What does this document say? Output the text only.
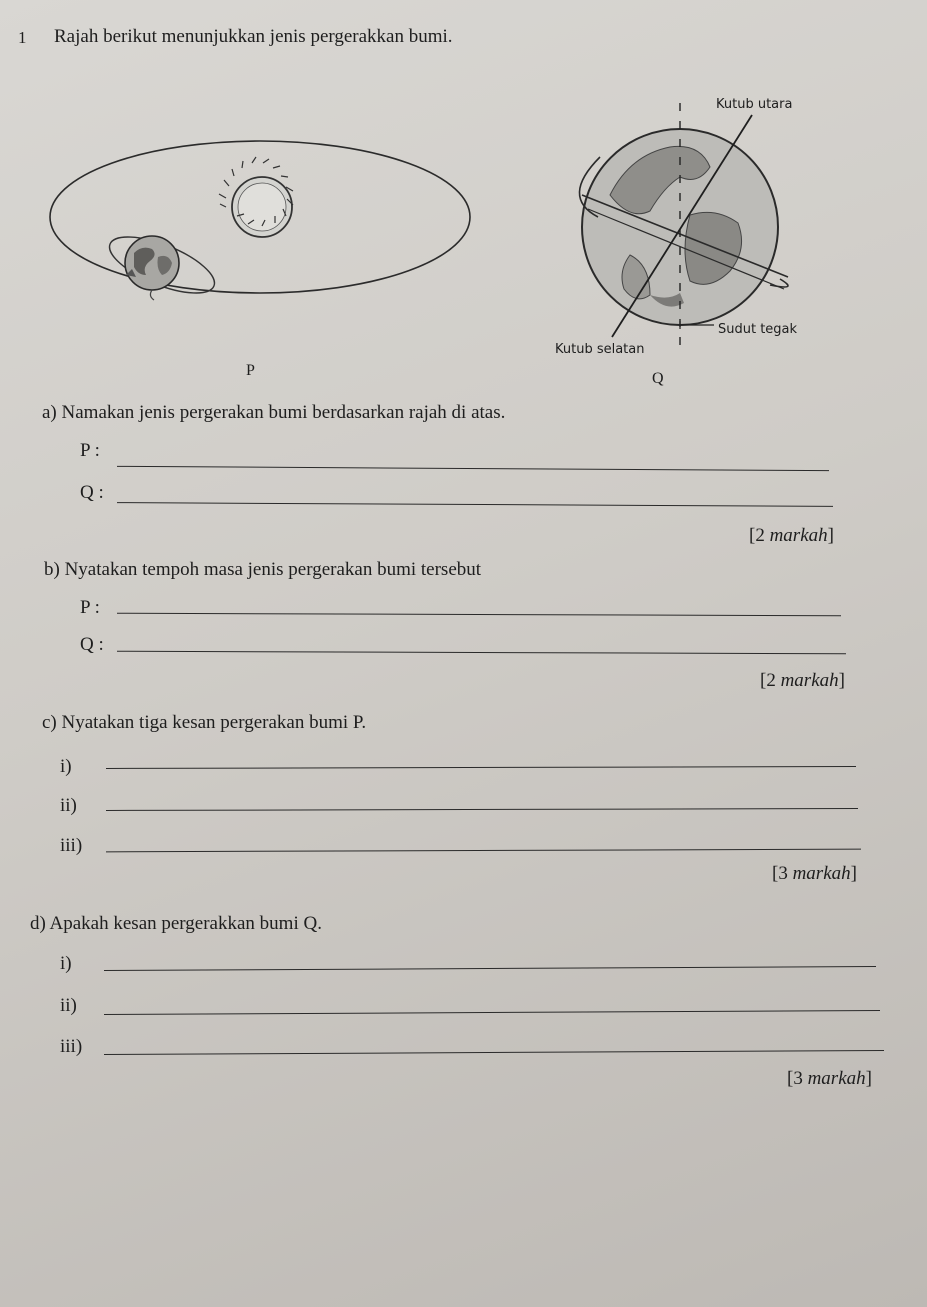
1 Rajah berikut menunjukkan jenis pergerakkan bumi.
P
Kutub utara
Sudut tegak
Kutub selatan
Q
a) Namakan jenis pergerakan bumi berdasarkan rajah di atas.
P :
Q :
[2 markah]
b) Nyatakan tempoh masa jenis pergerakan bumi tersebut
P :
Q :
[2 markah]
c) Nyatakan tiga kesan pergerakan bumi P.
i)
ii)
iii)
[3 markah]
d) Apakah kesan pergerakkan bumi Q.
i)
ii)
iii)
[3 markah]
